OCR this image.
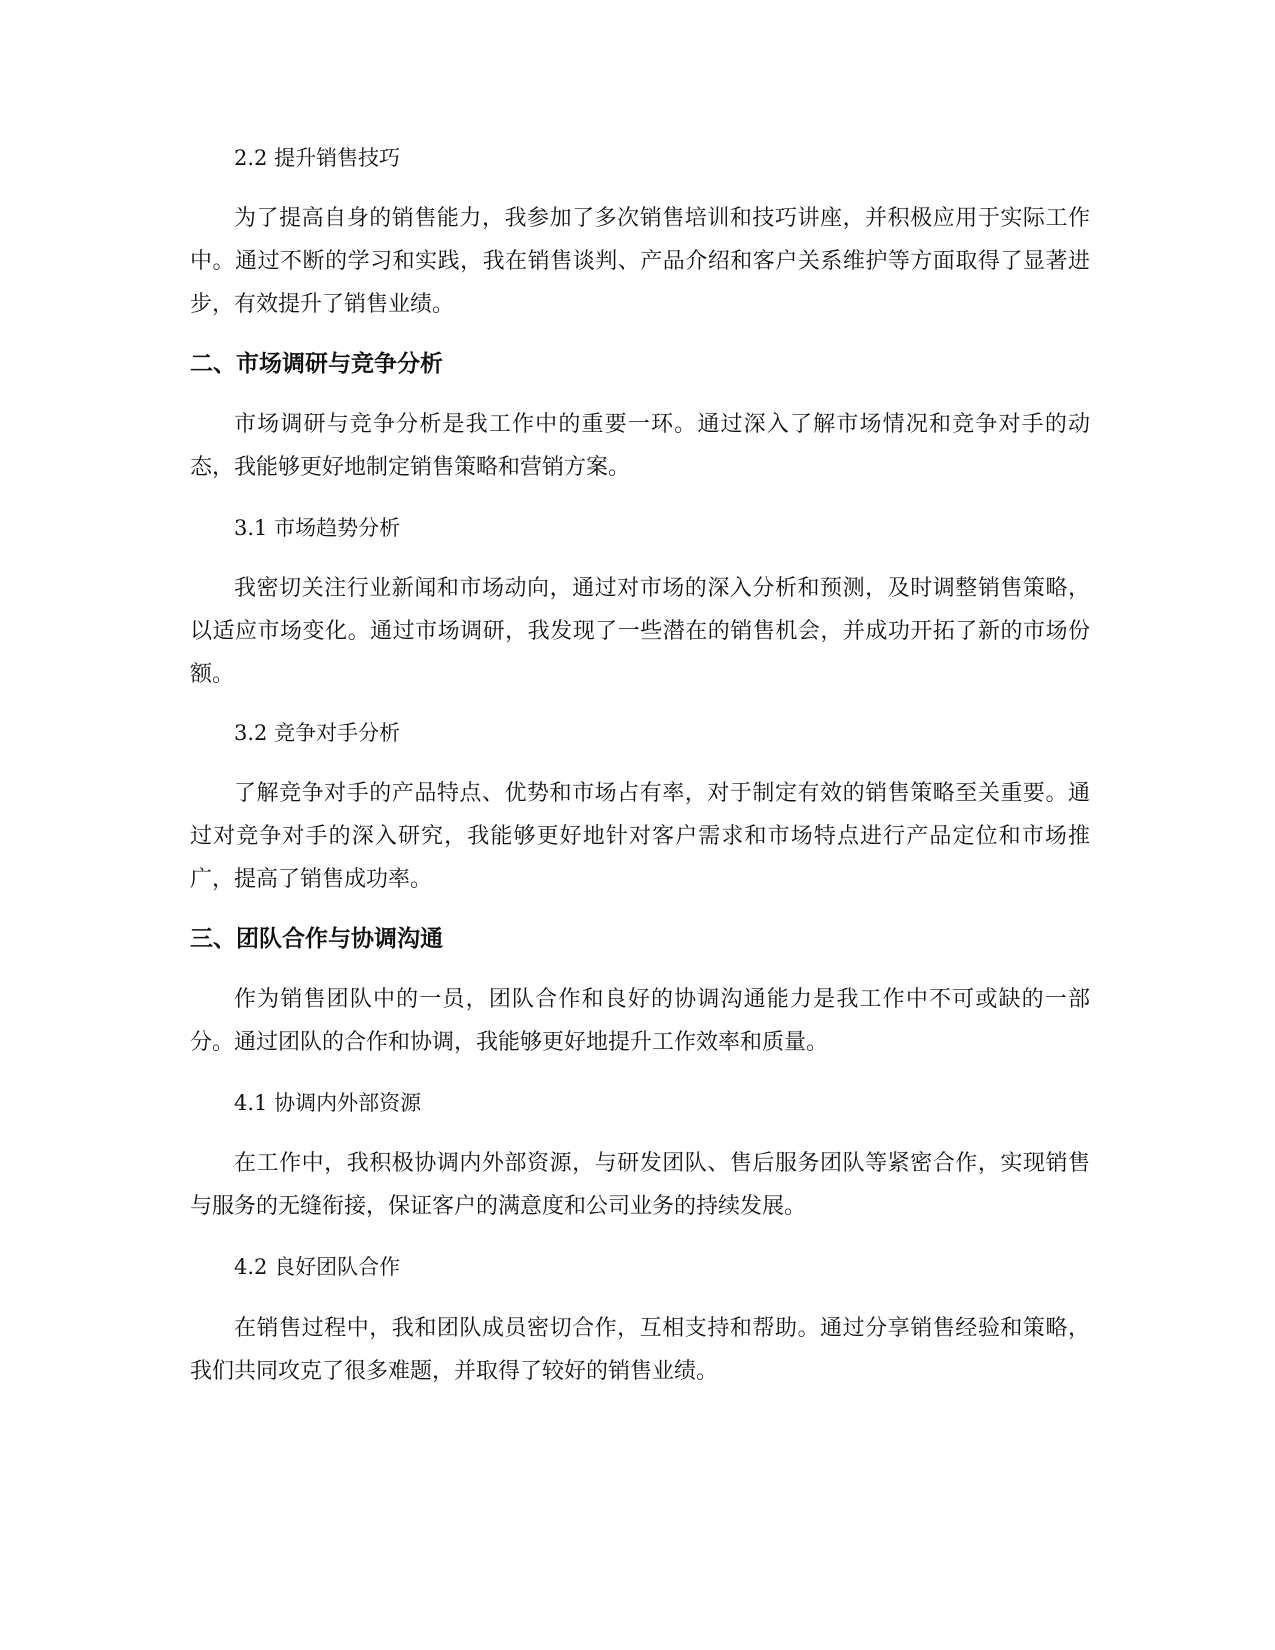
2.2 提升销售技巧

为了提高自身的销售能力，我参加了多次销售培训和技巧讲座，并积极应用于实际工作中。通过不断的学习和实践，我在销售谈判、产品介绍和客户关系维护等方面取得了显著进步，有效提升了销售业绩。

二、市场调研与竞争分析

市场调研与竞争分析是我工作中的重要一环。通过深入了解市场情况和竞争对手的动态，我能够更好地制定销售策略和营销方案。

3.1 市场趋势分析

我密切关注行业新闻和市场动向，通过对市场的深入分析和预测，及时调整销售策略，以适应市场变化。通过市场调研，我发现了一些潜在的销售机会，并成功开拓了新的市场份额。

3.2 竞争对手分析

了解竞争对手的产品特点、优势和市场占有率，对于制定有效的销售策略至关重要。通过对竞争对手的深入研究，我能够更好地针对客户需求和市场特点进行产品定位和市场推广，提高了销售成功率。

三、团队合作与协调沟通

作为销售团队中的一员，团队合作和良好的协调沟通能力是我工作中不可或缺的一部分。通过团队的合作和协调，我能够更好地提升工作效率和质量。

4.1 协调内外部资源

在工作中，我积极协调内外部资源，与研发团队、售后服务团队等紧密合作，实现销售与服务的无缝衔接，保证客户的满意度和公司业务的持续发展。

4.2 良好团队合作

在销售过程中，我和团队成员密切合作，互相支持和帮助。通过分享销售经验和策略，我们共同攻克了很多难题，并取得了较好的销售业绩。
